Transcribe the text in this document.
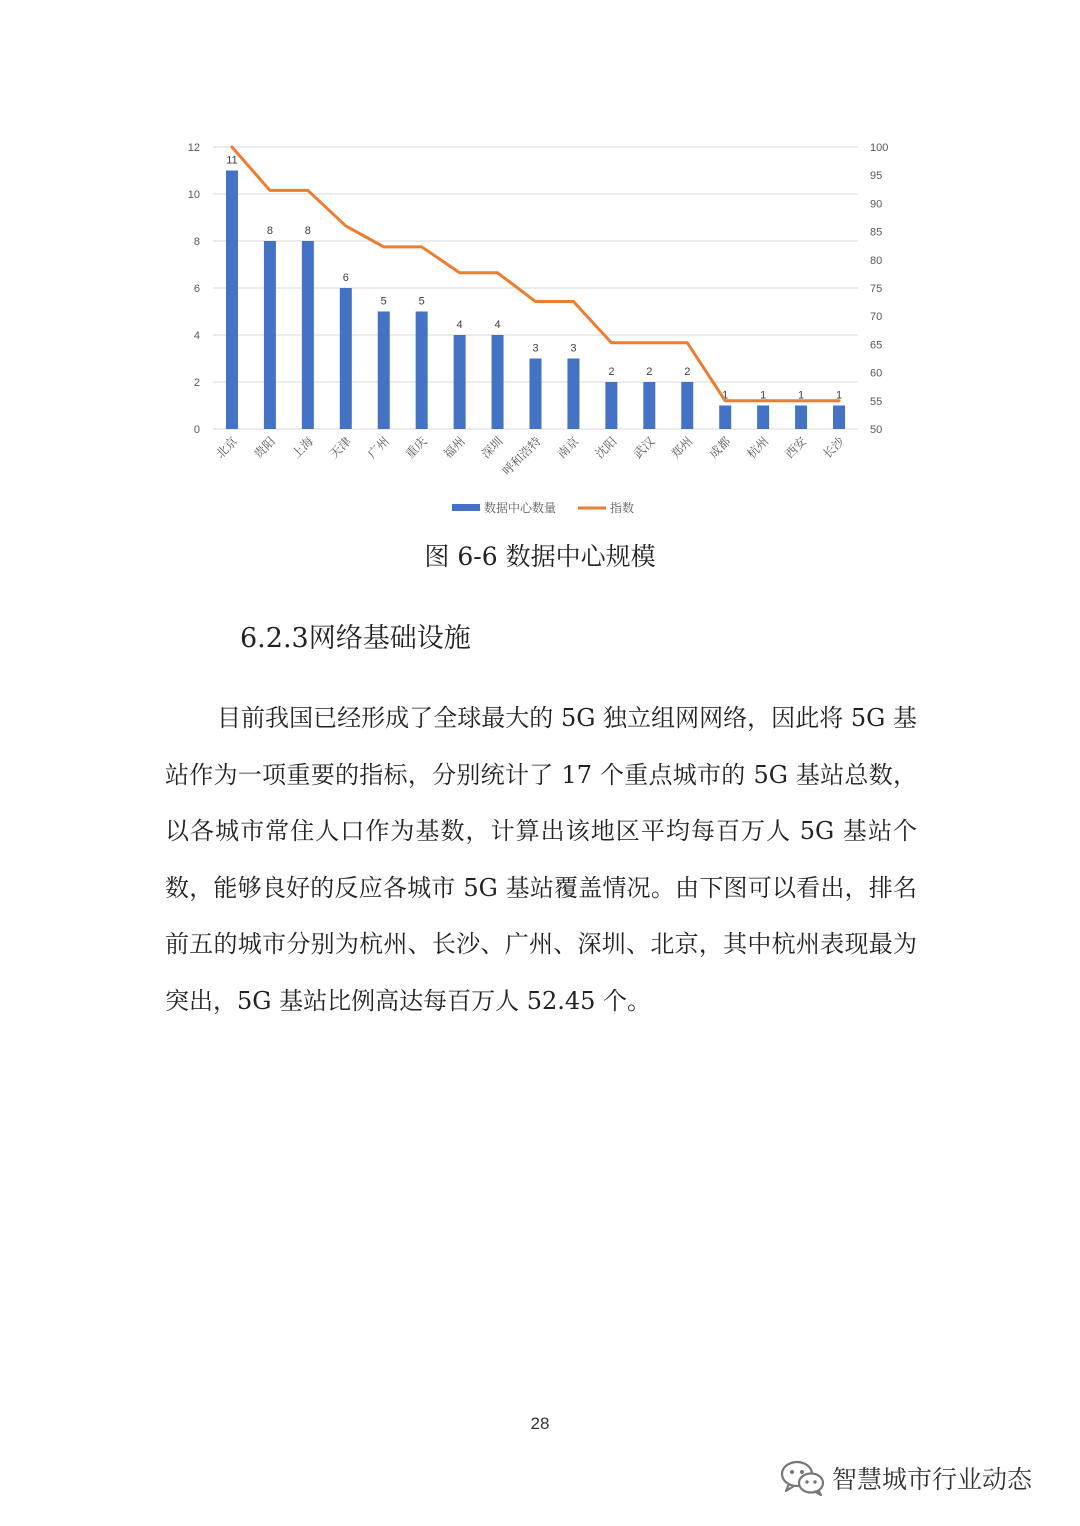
0
2
4
6
8
10
12
50
55
60
65
70
75
80
85
90
95
100
11
8	8
6
5	5
4	4
3	3
2	2	2
1	1	1	1
北京 贵阳 上海 天津 广州 重庆 福州 深圳
呼和浩特 南京 沈阳 武汉 郑州 成都 杭州 西安 长沙
数据中心数量	指数
图 6-6 数据中心规模
6.2.3网络基础设施

目前我国已经形成了全球最大的 5G 独立组网网络，因此将 5G 基站作为一项重要的指标，分别统计了 17 个重点城市的 5G 基站总数，以各城市常住人口作为基数，计算出该地区平均每百万人 5G 基站个数，能够良好的反应各城市 5G 基站覆盖情况。由下图可以看出，排名前五的城市分别为杭州、长沙、广州、深圳、北京，其中杭州表现最为突出，5G 基站比例高达每百万人 52.45 个。

28
智慧城市行业动态
